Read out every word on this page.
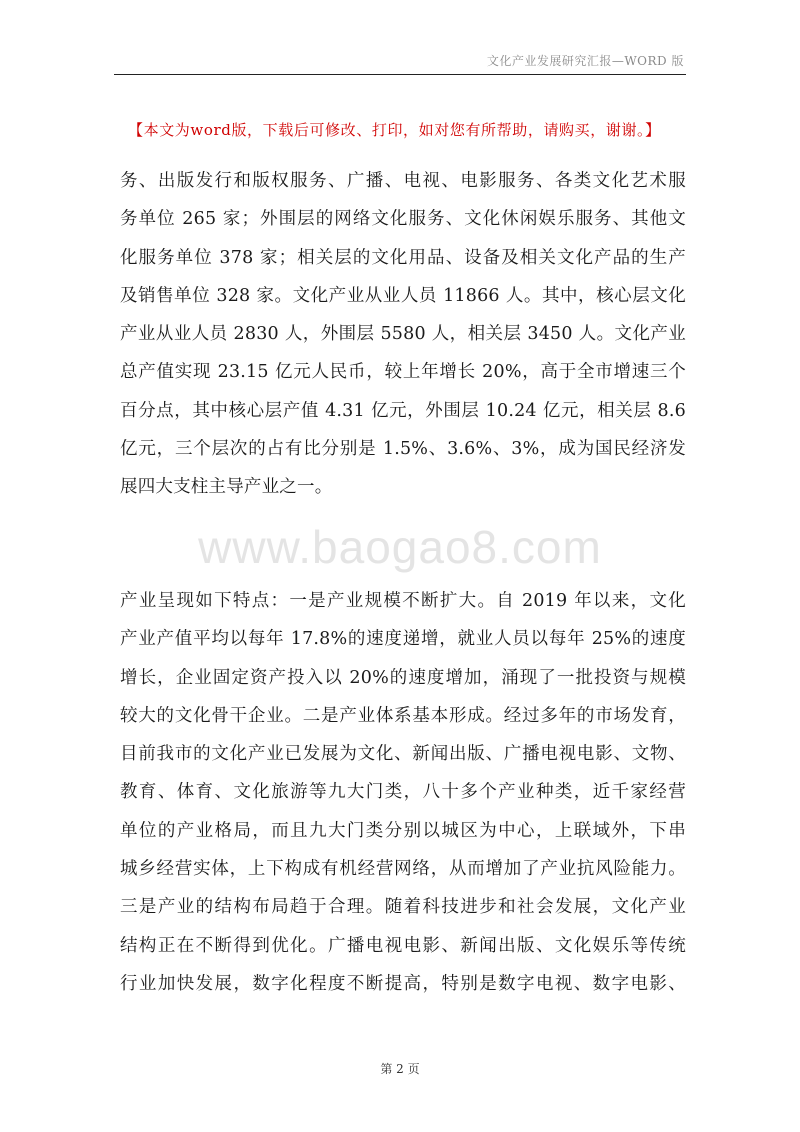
文化产业发展研究汇报—WORD 版
【本文为word版，下载后可修改、打印，如对您有所帮助，请购买，谢谢。】
务、出版发行和版权服务、广播、电视、电影服务、各类文化艺术服
务单位 265 家；外围层的网络文化服务、文化休闲娱乐服务、其他文
化服务单位 378 家；相关层的文化用品、设备及相关文化产品的生产
及销售单位 328 家。文化产业从业人员 11866 人。其中，核心层文化
产业从业人员 2830 人，外围层 5580 人，相关层 3450 人。文化产业
总产值实现 23.15 亿元人民币，较上年增长 20%，高于全市增速三个
百分点，其中核心层产值 4.31 亿元，外围层 10.24 亿元，相关层 8.6
亿元，三个层次的占有比分别是 1.5%、3.6%、3%，成为国民经济发
展四大支柱主导产业之一。
www.baogao8.com
产业呈现如下特点：一是产业规模不断扩大。自 2019 年以来，文化
产业产值平均以每年 17.8%的速度递增，就业人员以每年 25%的速度
增长，企业固定资产投入以 20%的速度增加，涌现了一批投资与规模
较大的文化骨干企业。二是产业体系基本形成。经过多年的市场发育，
目前我市的文化产业已发展为文化、新闻出版、广播电视电影、文物、
教育、体育、文化旅游等九大门类，八十多个产业种类，近千家经营
单位的产业格局，而且九大门类分别以城区为中心，上联域外，下串
城乡经营实体，上下构成有机经营网络，从而增加了产业抗风险能力。
三是产业的结构布局趋于合理。随着科技进步和社会发展，文化产业
结构正在不断得到优化。广播电视电影、新闻出版、文化娱乐等传统
行业加快发展，数字化程度不断提高，特别是数字电视、数字电影、
第 2 页
